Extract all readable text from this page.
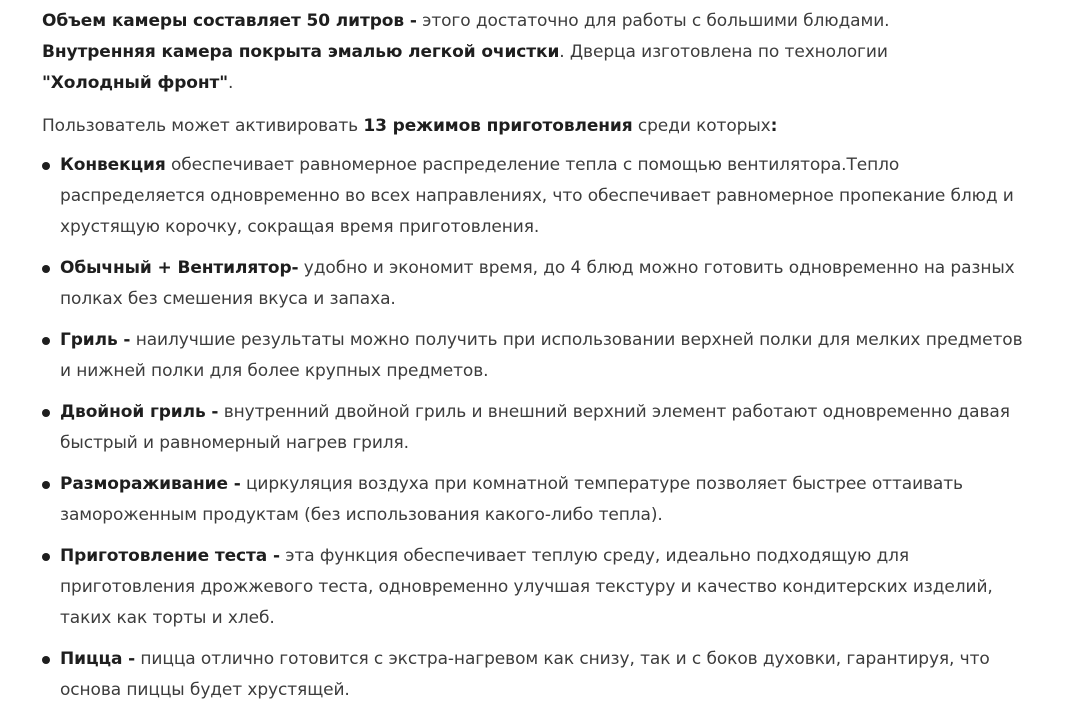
Объем камеры составляет 50 литров - этого достаточно для работы с большими блюдами.
Внутренняя камера покрыта эмалью легкой очистки. Дверца изготовлена по технологии
"Холодный фронт".

Пользователь может активировать 13 режимов приготовления среди которых:

Конвекция обеспечивает равномерное распределение тепла с помощью вентилятора.Тепло распределяется одновременно во всех направлениях, что обеспечивает равномерное пропекание блюд и хрустящую корочку, сокращая время приготовления.
Обычный + Вентилятор- удобно и экономит время, до 4 блюд можно готовить одновременно на разных полках без смешения вкуса и запаха.
Гриль - наилучшие результаты можно получить при использовании верхней полки для мелких предметов и нижней полки для более крупных предметов.
Двойной гриль - внутренний двойной гриль и внешний верхний элемент работают одновременно давая быстрый и равномерный нагрев гриля.
Размораживание - циркуляция воздуха при комнатной температуре позволяет быстрее оттаивать замороженным продуктам (без использования какого-либо тепла).
Приготовление теста - эта функция обеспечивает теплую среду, идеально подходящую для приготовления дрожжевого теста, одновременно улучшая текстуру и качество кондитерских изделий, таких как торты и хлеб.
Пицца - пицца отлично готовится с экстра-нагревом как снизу, так и с боков духовки, гарантируя, что основа пиццы будет хрустящей.
